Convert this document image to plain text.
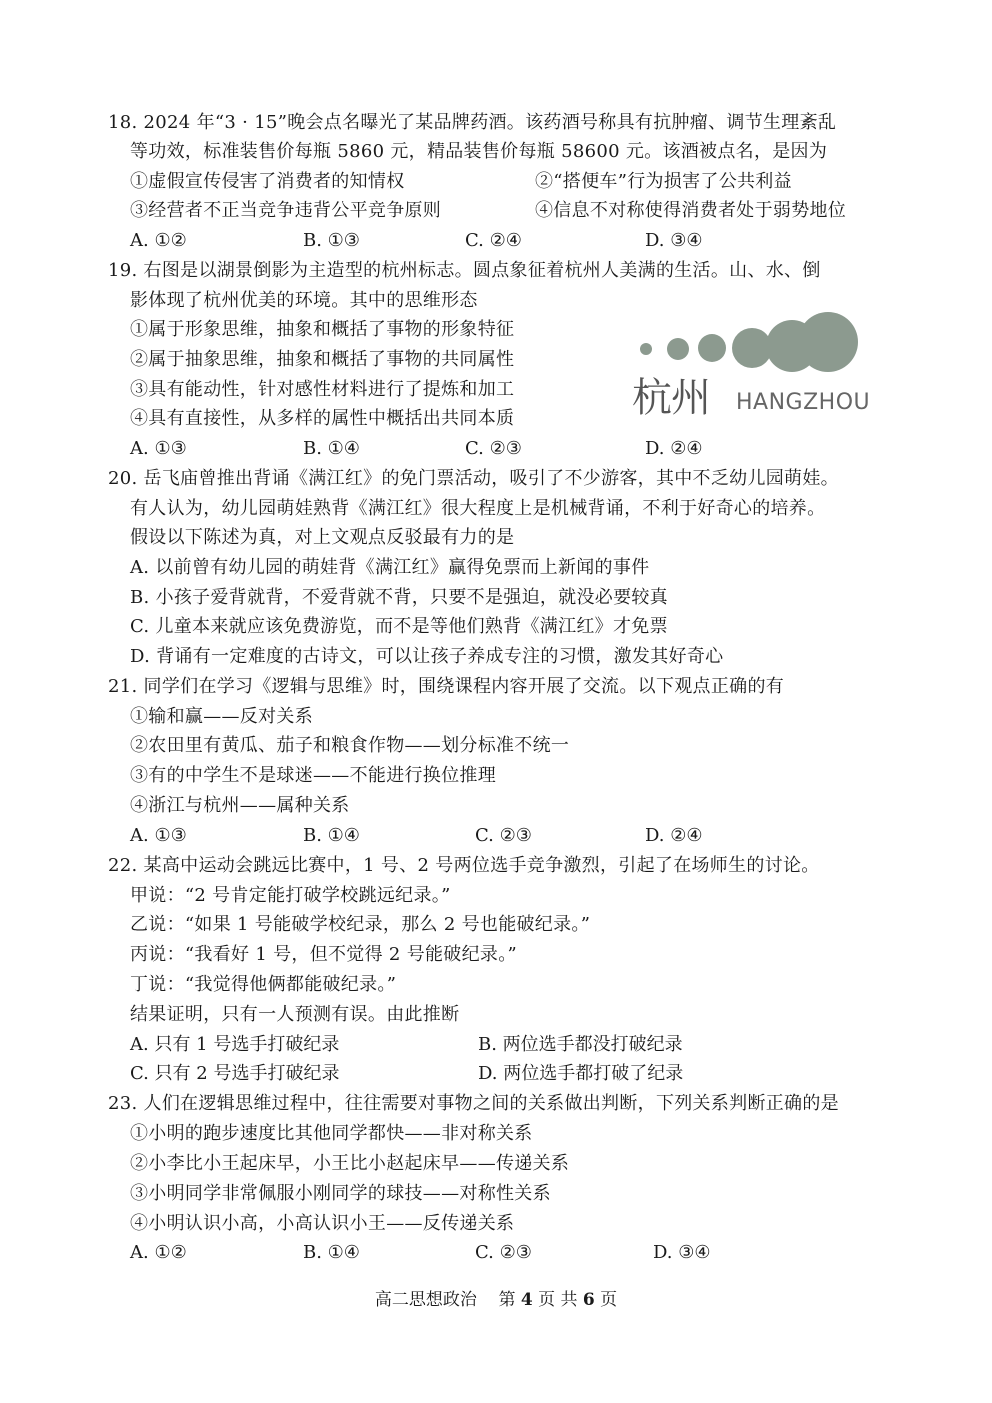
18. 2024 年“3 · 15”晚会点名曝光了某品牌药酒。该药酒号称具有抗肿瘤、调节生理紊乱
等功效，标准装售价每瓶 5860 元，精品装售价每瓶 58600 元。该酒被点名，是因为
①虚假宣传侵害了消费者的知情权	②“搭便车”行为损害了公共利益
③经营者不正当竞争违背公平竞争原则	④信息不对称使得消费者处于弱势地位
A. ①②	B. ①③	C. ②④	D. ③④
19. 右图是以湖景倒影为主造型的杭州标志。圆点象征着杭州人美满的生活。山、水、倒
影体现了杭州优美的环境。其中的思维形态
①属于形象思维，抽象和概括了事物的形象特征
②属于抽象思维，抽象和概括了事物的共同属性
③具有能动性，针对感性材料进行了提炼和加工
④具有直接性，从多样的属性中概括出共同本质
A. ①③	B. ①④	C. ②③	D. ②④
杭州 HANGZHOU
20. 岳飞庙曾推出背诵《满江红》的免门票活动，吸引了不少游客，其中不乏幼儿园萌娃。
有人认为，幼儿园萌娃熟背《满江红》很大程度上是机械背诵，不利于好奇心的培养。
假设以下陈述为真，对上文观点反驳最有力的是
A. 以前曾有幼儿园的萌娃背《满江红》赢得免票而上新闻的事件
B. 小孩子爱背就背，不爱背就不背，只要不是强迫，就没必要较真
C. 儿童本来就应该免费游览，而不是等他们熟背《满江红》才免票
D. 背诵有一定难度的古诗文，可以让孩子养成专注的习惯，激发其好奇心
21. 同学们在学习《逻辑与思维》时，围绕课程内容开展了交流。以下观点正确的有
①输和赢——反对关系
②农田里有黄瓜、茄子和粮食作物——划分标准不统一
③有的中学生不是球迷——不能进行换位推理
④浙江与杭州——属种关系
A. ①③	B. ①④	C. ②③	D. ②④
22. 某高中运动会跳远比赛中，1 号、2 号两位选手竞争激烈，引起了在场师生的讨论。
甲说：“2 号肯定能打破学校跳远纪录。”
乙说：“如果 1 号能破学校纪录，那么 2 号也能破纪录。”
丙说：“我看好 1 号，但不觉得 2 号能破纪录。”
丁说：“我觉得他俩都能破纪录。”
结果证明，只有一人预测有误。由此推断
A. 只有 1 号选手打破纪录	B. 两位选手都没打破纪录
C. 只有 2 号选手打破纪录	D. 两位选手都打破了纪录
23. 人们在逻辑思维过程中，往往需要对事物之间的关系做出判断，下列关系判断正确的是
①小明的跑步速度比其他同学都快——非对称关系
②小李比小王起床早，小王比小赵起床早——传递关系
③小明同学非常佩服小刚同学的球技——对称性关系
④小明认识小高，小高认识小王——反传递关系
A. ①②	B. ①④	C. ②③	D. ③④
高二思想政治 第 4 页 共 6 页
